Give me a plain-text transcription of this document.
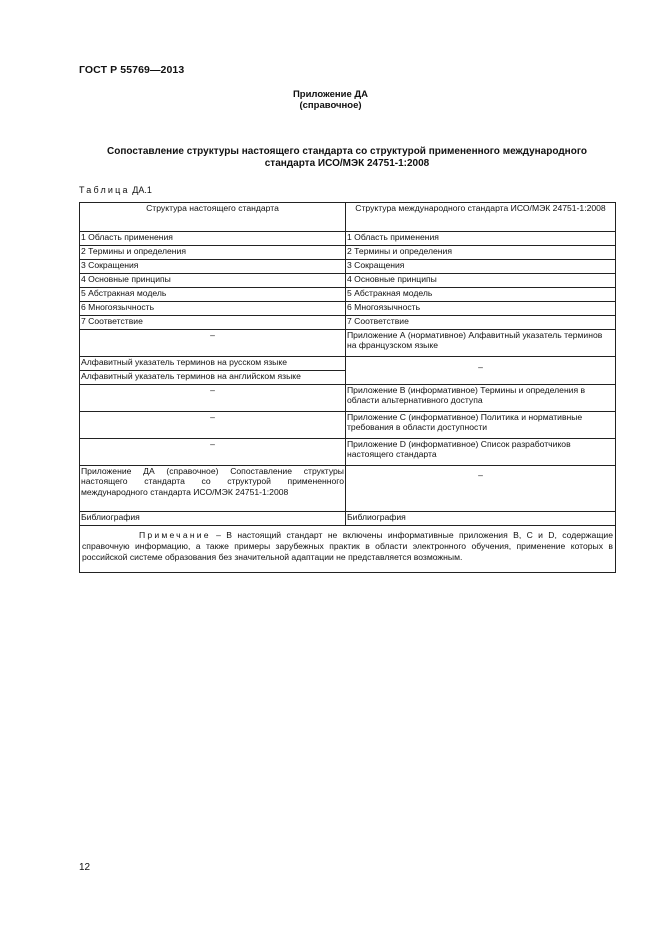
ГОСТ Р 55769—2013
Приложение ДА
(справочное)
Сопоставление структуры настоящего стандарта со структурой примененного международного
стандарта ИСО/МЭК 24751-1:2008
Таблица ДА.1
Структура настоящего стандарта	Структура международного стандарта ИСО/МЭК 24751-1:2008
1 Область применения	1 Область применения
2 Термины и определения	2 Термины и определения
3 Сокращения	3 Сокращения
4 Основные принципы	4 Основные принципы
5 Абстракная модель	5 Абстракная модель
6 Многоязычность	6 Многоязычность
7 Соответствие	7 Соответствие
–	Приложение А (нормативное) Алфавитный указатель терминов на французском языке
Алфавитный указатель терминов на русском языке	–
Алфавитный указатель терминов на английском языке	
–	Приложение В (информативное) Термины и определения в области альтернативного доступа
–	Приложение С (информативное) Политика и нормативные требования в области доступности
–	Приложение D (информативное) Список разработчиков настоящего стандарта
Приложение ДА (справочное) Сопоставление структуры настоящего стандарта со структурой примененного международного стандарта ИСО/МЭК 24751-1:2008	–
Библиография	Библиография
Примечание – В настоящий стандарт не включены информативные приложения B, C и D, содержащие справочную информацию, а также примеры зарубежных практик в области электронного обучения, применение которых в российской системе образования без значительной адаптации не представляется возможным.	
12
